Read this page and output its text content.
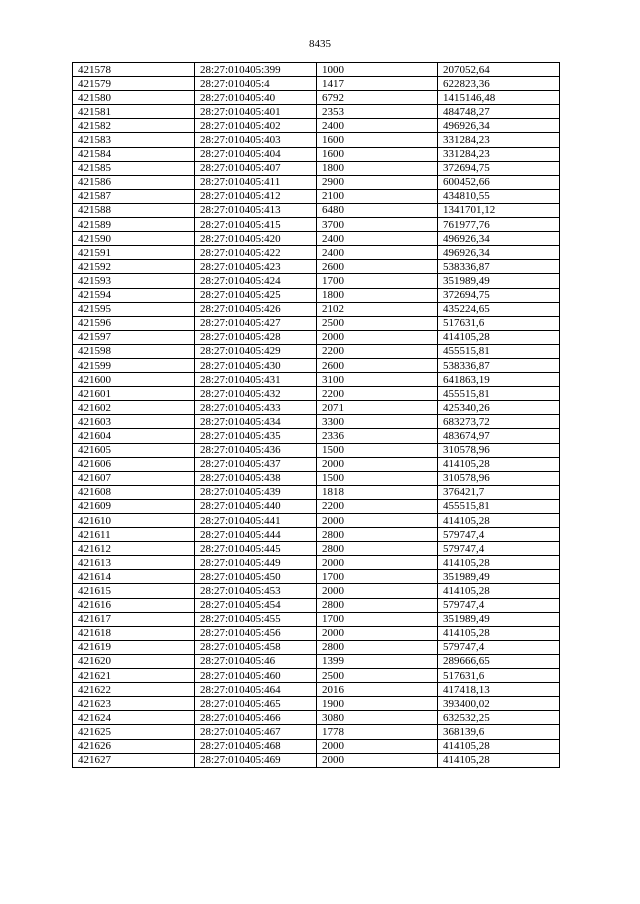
8435
421578	28:27:010405:399	1000	207052,64
421579	28:27:010405:4	1417	622823,36
421580	28:27:010405:40	6792	1415146,48
421581	28:27:010405:401	2353	484748,27
421582	28:27:010405:402	2400	496926,34
421583	28:27:010405:403	1600	331284,23
421584	28:27:010405:404	1600	331284,23
421585	28:27:010405:407	1800	372694,75
421586	28:27:010405:411	2900	600452,66
421587	28:27:010405:412	2100	434810,55
421588	28:27:010405:413	6480	1341701,12
421589	28:27:010405:415	3700	761977,76
421590	28:27:010405:420	2400	496926,34
421591	28:27:010405:422	2400	496926,34
421592	28:27:010405:423	2600	538336,87
421593	28:27:010405:424	1700	351989,49
421594	28:27:010405:425	1800	372694,75
421595	28:27:010405:426	2102	435224,65
421596	28:27:010405:427	2500	517631,6
421597	28:27:010405:428	2000	414105,28
421598	28:27:010405:429	2200	455515,81
421599	28:27:010405:430	2600	538336,87
421600	28:27:010405:431	3100	641863,19
421601	28:27:010405:432	2200	455515,81
421602	28:27:010405:433	2071	425340,26
421603	28:27:010405:434	3300	683273,72
421604	28:27:010405:435	2336	483674,97
421605	28:27:010405:436	1500	310578,96
421606	28:27:010405:437	2000	414105,28
421607	28:27:010405:438	1500	310578,96
421608	28:27:010405:439	1818	376421,7
421609	28:27:010405:440	2200	455515,81
421610	28:27:010405:441	2000	414105,28
421611	28:27:010405:444	2800	579747,4
421612	28:27:010405:445	2800	579747,4
421613	28:27:010405:449	2000	414105,28
421614	28:27:010405:450	1700	351989,49
421615	28:27:010405:453	2000	414105,28
421616	28:27:010405:454	2800	579747,4
421617	28:27:010405:455	1700	351989,49
421618	28:27:010405:456	2000	414105,28
421619	28:27:010405:458	2800	579747,4
421620	28:27:010405:46	1399	289666,65
421621	28:27:010405:460	2500	517631,6
421622	28:27:010405:464	2016	417418,13
421623	28:27:010405:465	1900	393400,02
421624	28:27:010405:466	3080	632532,25
421625	28:27:010405:467	1778	368139,6
421626	28:27:010405:468	2000	414105,28
421627	28:27:010405:469	2000	414105,28
